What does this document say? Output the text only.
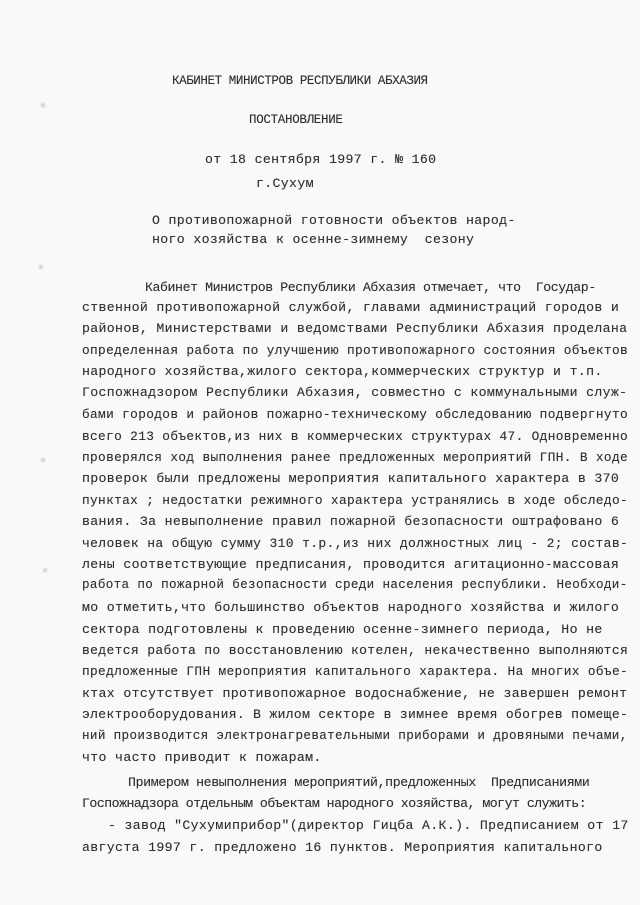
✱
✱
✱
✱
КАБИНЕТ МИНИСТРОВ РЕСПУБЛИКИ АБХАЗИЯ
ПОСТАНОВЛЕНИЕ
от 18 сентября 1997 г. № 160
г.Сухум
О противопожарной готовности объектов народ-
ного хозяйства к осенне-зимнему  сезону
Кабинет Министров Республики Абхазия отмечает, что  Государ-
ственной противопожарной службой, главами администраций городов и
районов, Министерствами и ведомствами Республики Абхазия проделана
определенная работа по улучшению противопожарного состояния объектов
народного хозяйства,жилого сектора,коммерческих структур и т.п.
Госпожнадзором Республики Абхазия, совместно с коммунальными служ-
бами городов и районов пожарно-техническому обследованию подвергнуто
всего 213 объектов,из них в коммерческих структурах 47. Одновременно
проверялся ход выполнения ранее предложенных мероприятий ГПН. В ходе
проверок были предложены мероприятия капитального характера в 370
пунктах ; недостатки режимного характера устранялись в ходе обследо-
вания. За невыполнение правил пожарной безопасности оштрафовано 6
человек на общую сумму 310 т.р.,из них должностных лиц - 2; состав-
лены соответствующие предписания, проводится агитационно-массовая
работа по пожарной безопасности среди населения республики. Необходи-
мо отметить,что большинство объектов народного хозяйства и жилого
сектора подготовлены к проведению осенне-зимнего периода, Но не
ведется работа по восстановлению котелен, некачественно выполняются
предложенные ГПН мероприятия капитального характера. На многих объе-
ктах отсутствует противопожарное водоснабжение, не завершен ремонт
электрооборудования. В жилом секторе в зимнее время обогрев помеще-
ний производится электронагревательными приборами и дровяными печами,
что часто приводит к пожарам.
Примером невыполнения мероприятий,предложенных  Предписаниями
Госпожнадзора отдельным объектам народного хозяйства, могут служить:
- завод "Сухумиприбор"(директор Гицба А.К.). Предписанием от 17
августа 1997 г. предложено 16 пунктов. Мероприятия капитального
